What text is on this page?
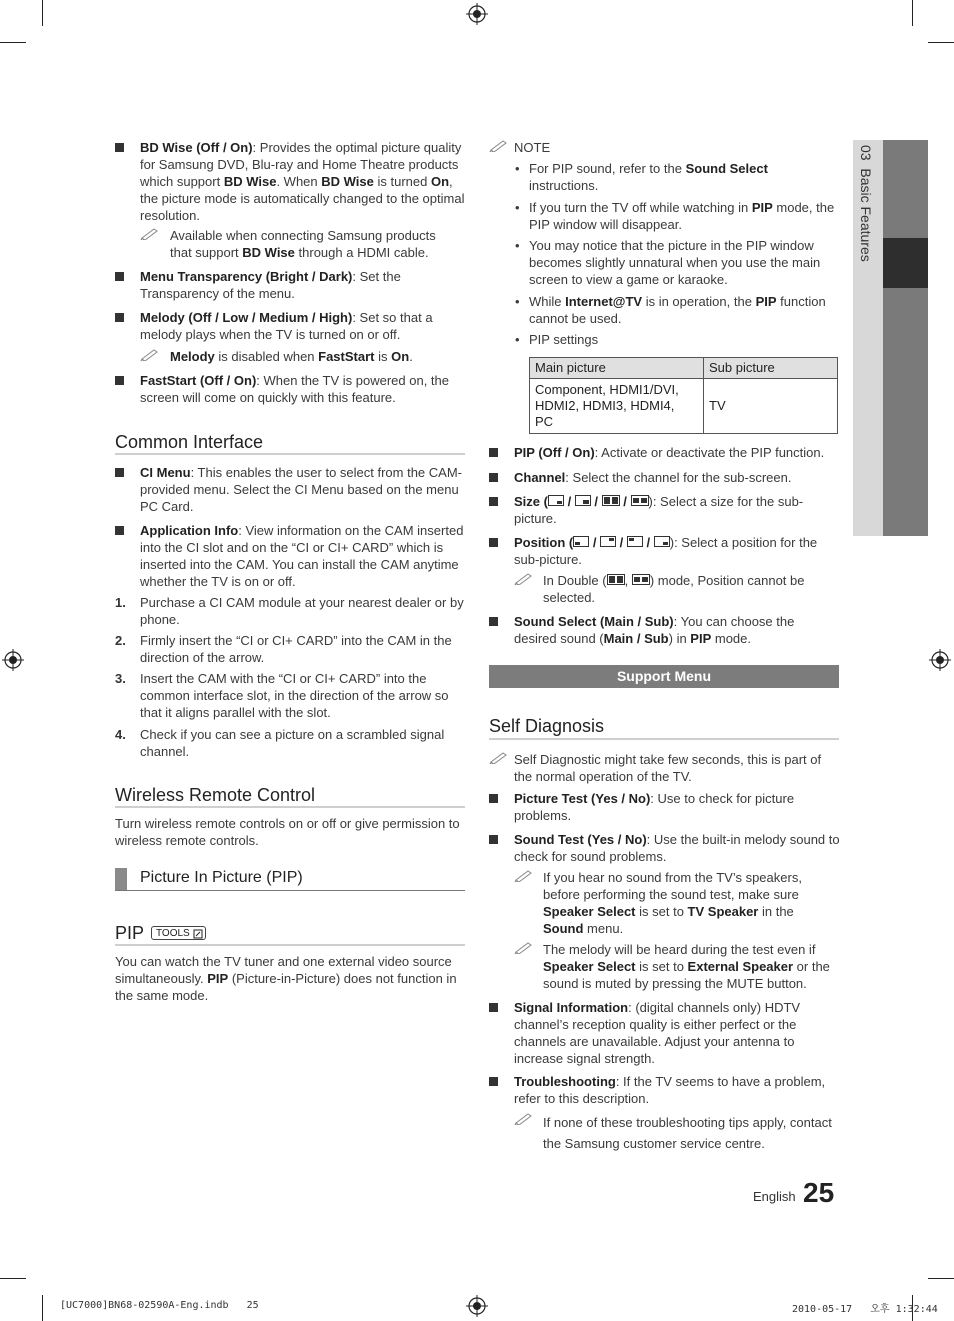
03  Basic Features
BD Wise (Off / On): Provides the optimal picture quality
for Samsung DVD, Blu-ray and Home Theatre products
which support BD Wise. When BD Wise is turned On,
the picture mode is automatically changed to the optimal
resolution.
Available when connecting Samsung products
that support BD Wise through a HDMI cable.
Menu Transparency (Bright / Dark): Set the
Transparency of the menu.
Melody (Off / Low / Medium / High): Set so that a
melody plays when the TV is turned on or off.
Melody is disabled when FastStart is On.
FastStart (Off / On): When the TV is powered on, the
screen will come on quickly with this feature.
Common Interface
CI Menu: This enables the user to select from the CAM-
provided menu. Select the CI Menu based on the menu
PC Card.
Application Info: View information on the CAM inserted
into the CI slot and on the “CI or CI+ CARD” which is
inserted into the CAM. You can install the CAM anytime
whether the TV is on or off.
1. Purchase a CI CAM module at your nearest dealer or by
phone.
2. Firmly insert the “CI or CI+ CARD” into the CAM in the
direction of the arrow.
3. Insert the CAM with the “CI or CI+ CARD” into the
common interface slot, in the direction of the arrow so
that it aligns parallel with the slot.
4. Check if you can see a picture on a scrambled signal
channel.
Wireless Remote Control
Turn wireless remote controls on or off or give permission to
wireless remote controls.
Picture In Picture (PIP)
PIP	TOOLS
You can watch the TV tuner and one external video source
simultaneously. PIP (Picture-in-Picture) does not function in
the same mode.
NOTE
• For PIP sound, refer to the Sound Select
instructions.
• If you turn the TV off while watching in PIP mode, the
PIP window will disappear.
• You may notice that the picture in the PIP window
becomes slightly unnatural when you use the main
screen to view a game or karaoke.
• While Internet@TV is in operation, the PIP function
cannot be used.
• PIP settings
Main picture	Sub picture

Component, HDMI1/DVI,
HDMI2, HDMI3, HDMI4,
PC	TV
PIP (Off / On): Activate or deactivate the PIP function.
Channel: Select the channel for the sub-screen.
Size ( /  /  / ): Select a size for the sub-
picture.
Position ( /  /  / ): Select a position for the
sub-picture.
In Double ( , ) mode, Position cannot be
selected.
Sound Select (Main / Sub): You can choose the
desired sound (Main / Sub) in PIP mode.
Support Menu
Self Diagnosis
Self Diagnostic might take few seconds, this is part of
the normal operation of the TV.
Picture Test (Yes / No): Use to check for picture
problems.
Sound Test (Yes / No): Use the built-in melody sound to
check for sound problems.
If you hear no sound from the TV’s speakers,
before performing the sound test, make sure
Speaker Select is set to TV Speaker in the
Sound menu.
The melody will be heard during the test even if
Speaker Select is set to External Speaker or the
sound is muted by pressing the MUTE button.
Signal Information: (digital channels only) HDTV
channel’s reception quality is either perfect or the
channels are unavailable. Adjust your antenna to
increase signal strength.
Troubleshooting: If the TV seems to have a problem,
refer to this description.
If none of these troubleshooting tips apply, contact
the Samsung customer service centre.
English 25
[UC7000]BN68-02590A-Eng.indb   25	2010-05-17   오후 1:32:44
